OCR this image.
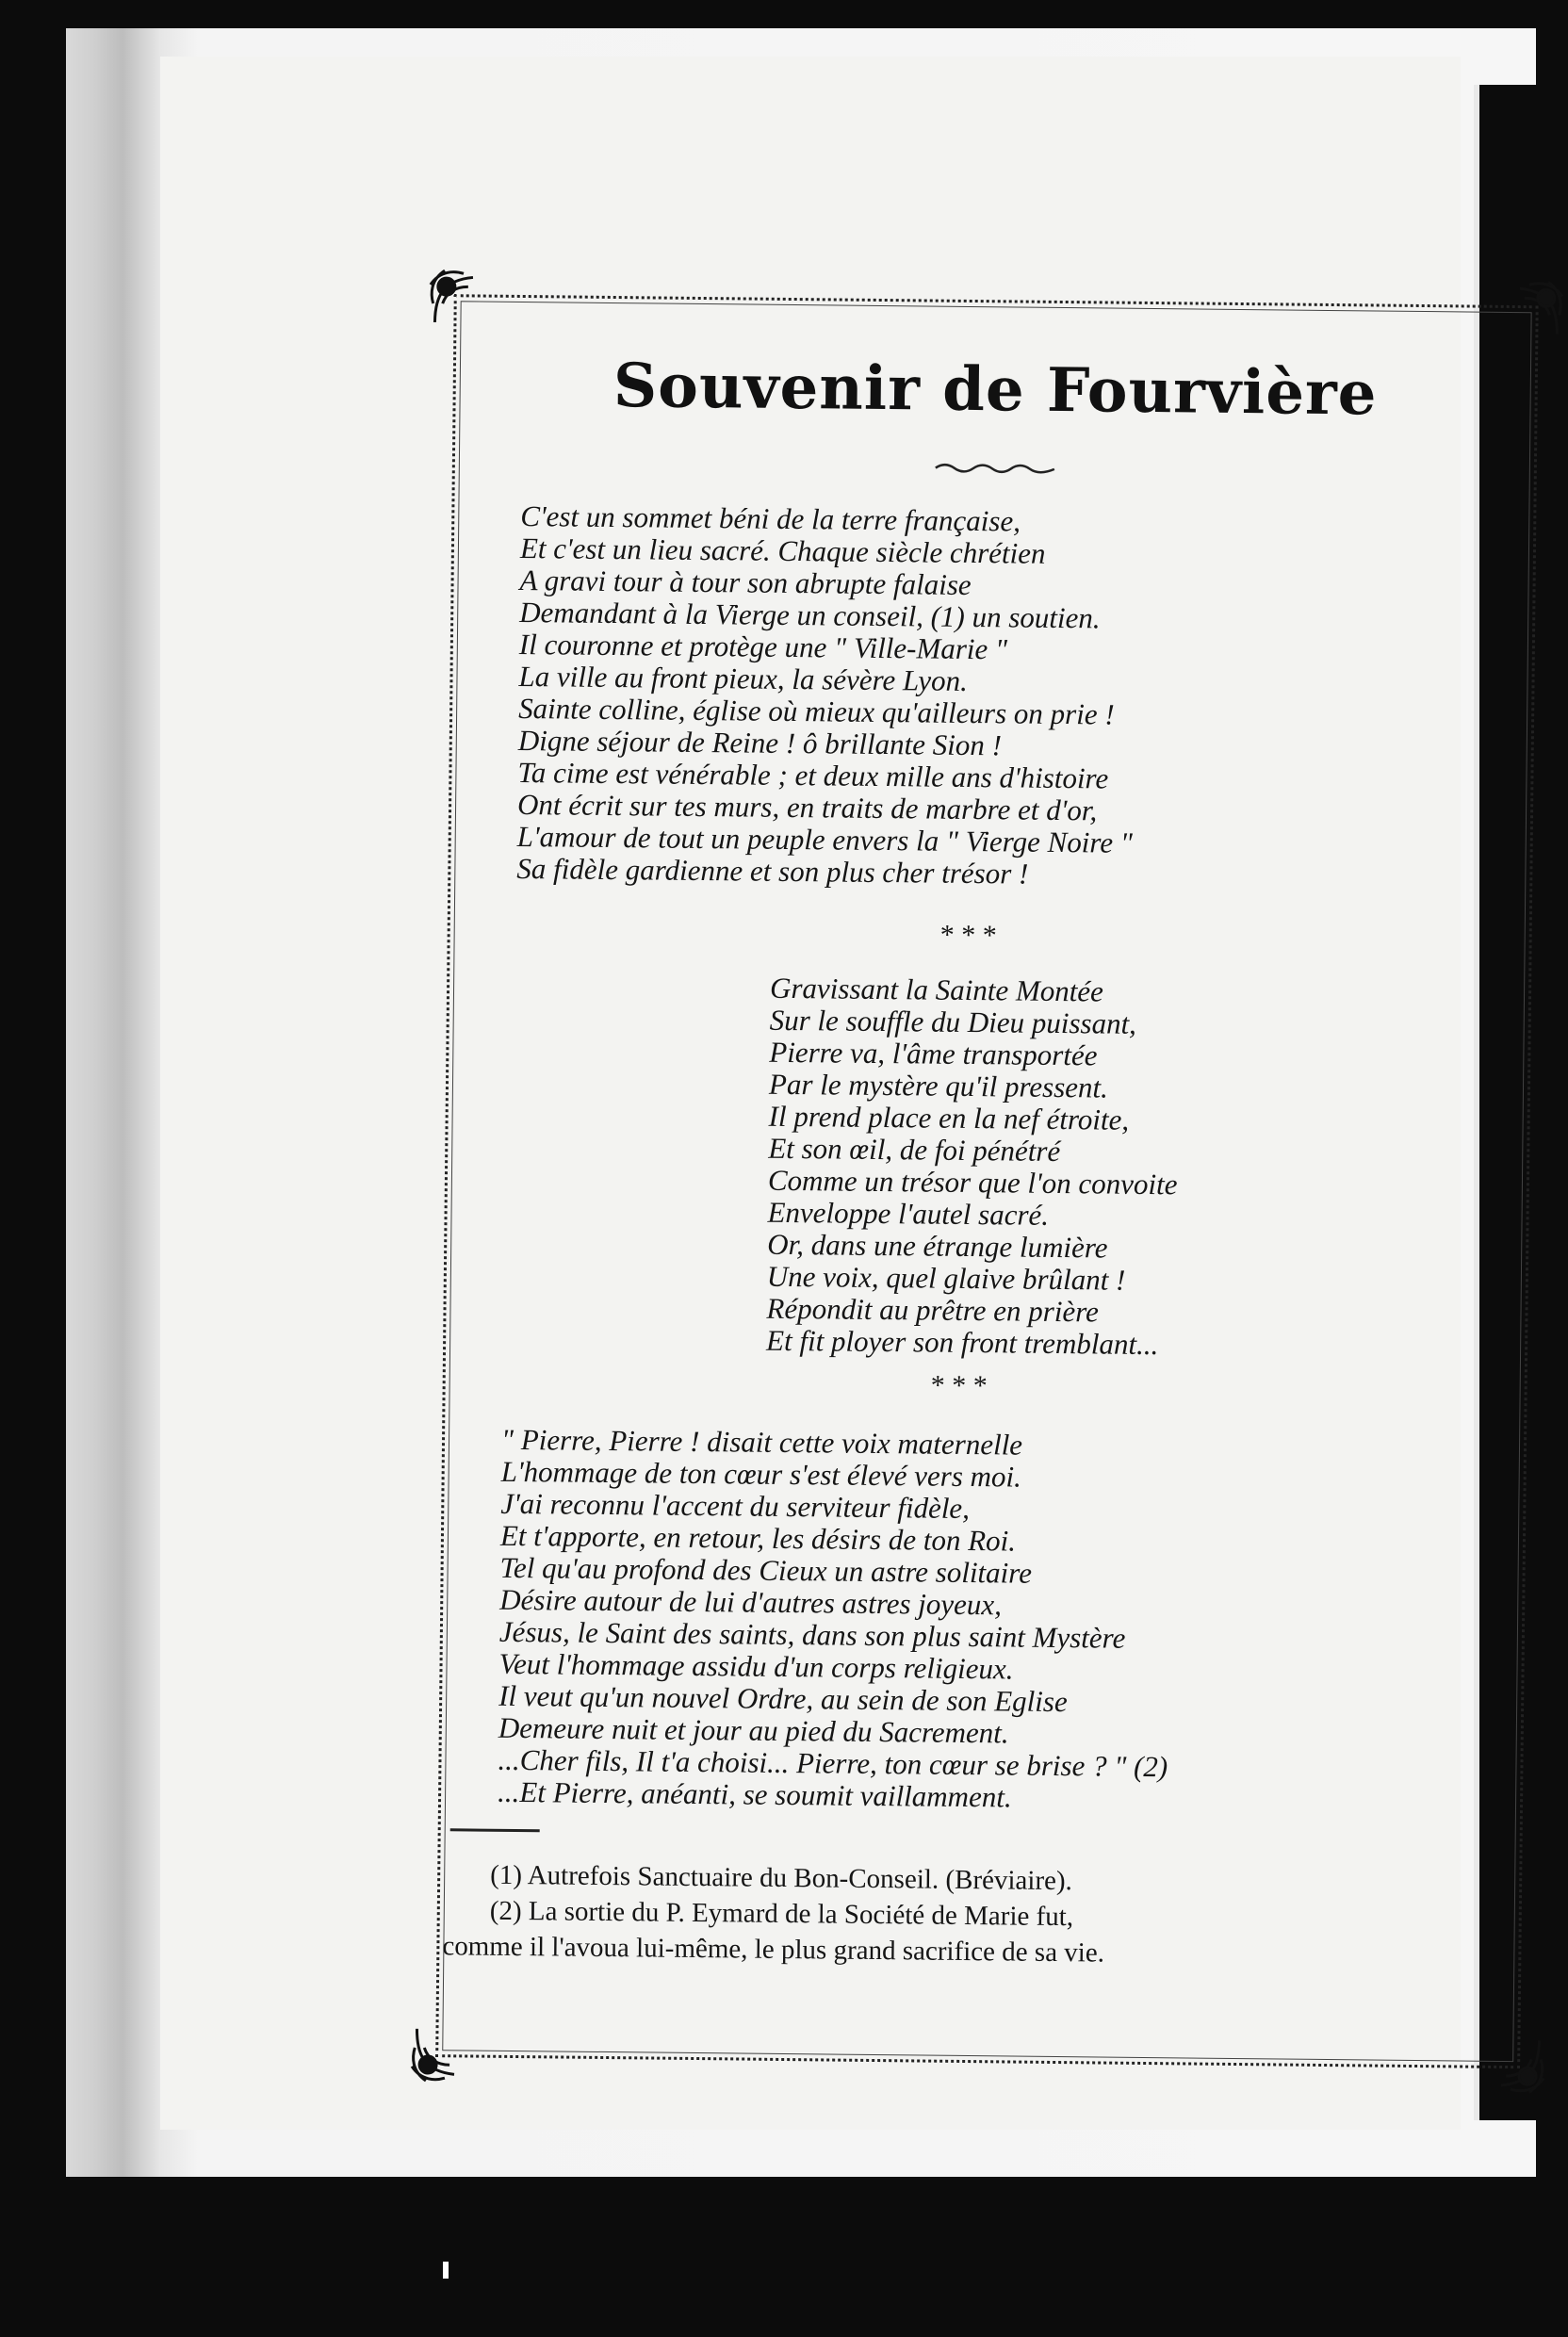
Souvenir de Fourvière
C'est un sommet béni de la terre française,
Et c'est un lieu sacré. Chaque siècle chrétien
A gravi tour à tour son abrupte falaise
Demandant à la Vierge un conseil, (1) un soutien.
Il couronne et protège une " Ville-Marie "
La ville au front pieux, la sévère Lyon.
Sainte colline, église où mieux qu'ailleurs on prie !
Digne séjour de Reine ! ô brillante Sion !
Ta cime est vénérable ; et deux mille ans d'histoire
Ont écrit sur tes murs, en traits de marbre et d'or,
L'amour de tout un peuple envers la " Vierge Noire "
Sa fidèle gardienne et son plus cher trésor !
* * *
Gravissant la Sainte Montée
Sur le souffle du Dieu puissant,
Pierre va, l'âme transportée
Par le mystère qu'il pressent.
Il prend place en la nef étroite,
Et son œil, de foi pénétré
Comme un trésor que l'on convoite
Enveloppe l'autel sacré.
Or, dans une étrange lumière
Une voix, quel glaive brûlant !
Répondit au prêtre en prière
Et fit ployer son front tremblant...
* * *
" Pierre, Pierre ! disait cette voix maternelle
L'hommage de ton cœur s'est élevé vers moi.
J'ai reconnu l'accent du serviteur fidèle,
Et t'apporte, en retour, les désirs de ton Roi.
Tel qu'au profond des Cieux un astre solitaire
Désire autour de lui d'autres astres joyeux,
Jésus, le Saint des saints, dans son plus saint Mystère
Veut l'hommage assidu d'un corps religieux.
Il veut qu'un nouvel Ordre, au sein de son Eglise
Demeure nuit et jour au pied du Sacrement.
...Cher fils, Il t'a choisi... Pierre, ton cœur se brise ? " (2)
...Et Pierre, anéanti, se soumit vaillamment.

(1) Autrefois Sanctuaire du Bon-Conseil. (Bréviaire).

(2) La sortie du P. Eymard de la Société de Marie fut,

comme il l'avoua lui-même, le plus grand sacrifice de sa vie.
